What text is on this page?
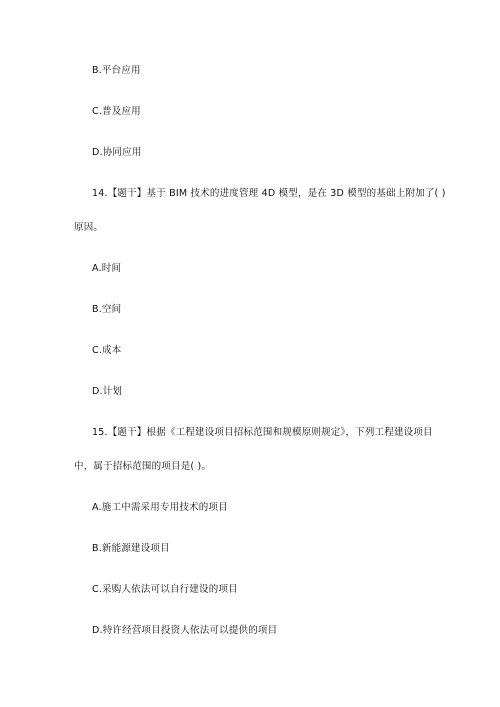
B.平台应用
C.普及应用
D.协同应用
14.【题干】基于 BIM 技术的进度管理 4D 模型，是在 3D 模型的基础上附加了( )
原因。
A.时间
B.空间
C.成本
D.计划
15.【题干】根据《工程建设项目招标范围和规模原则规定》，下列工程建设项目
中，属于招标范围的项目是( )。
A.施工中需采用专用技术的项目
B.新能源建设项目
C.采购人依法可以自行建设的项目
D.特许经营项目投资人依法可以提供的项目
